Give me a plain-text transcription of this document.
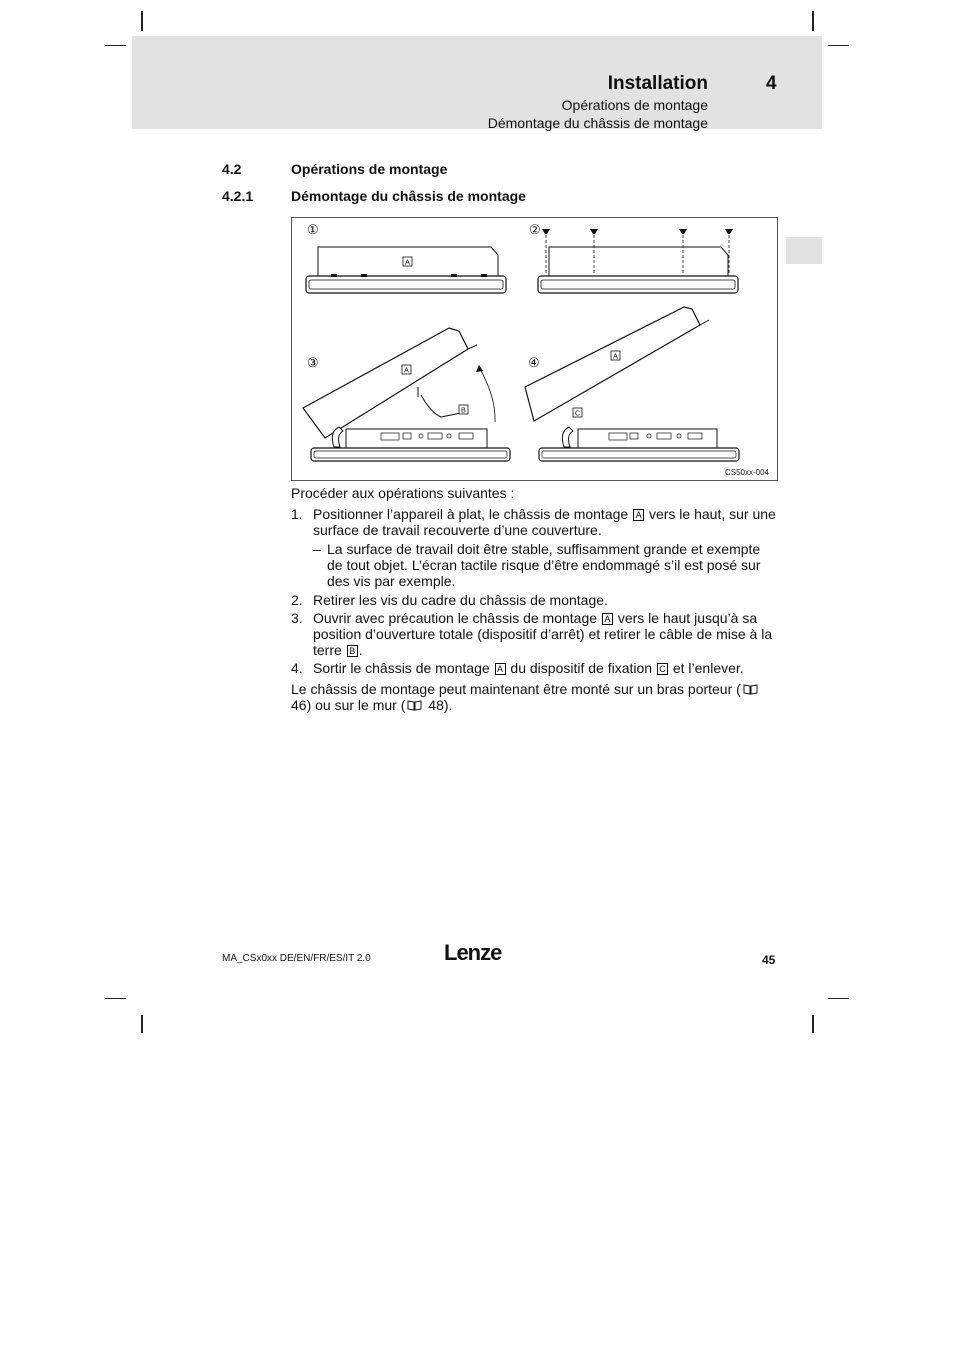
Installation	4
Opérations de montage
Démontage du châssis de montage
4.2	Opérations de montage
4.2.1	Démontage du châssis de montage
①
A
②
③
A
B
④	A
C
CS50xx-004
Procéder aux opérations suivantes :
1. Positionner l’appareil à plat, le châssis de montage A vers le haut, sur une surface de travail recouverte d’une couverture.
– La surface de travail doit être stable, suffisamment grande et exempte de tout objet. L’écran tactile risque d’être endommagé s’il est posé sur des vis par exemple.
2. Retirer les vis du cadre du châssis de montage.
3. Ouvrir avec précaution le châssis de montage A vers le haut jusqu’à sa position d’ouverture totale (dispositif d’arrêt) et retirer le câble de mise à la terre B .
4. Sortir le châssis de montage A du dispositif de fixation C et l’enlever.
Le châssis de montage peut maintenant être monté sur un bras porteur ( 46) ou sur le mur ( 48).
MA_CSx0xx DE/EN/FR/ES/IT 2.0	Lenze	45
